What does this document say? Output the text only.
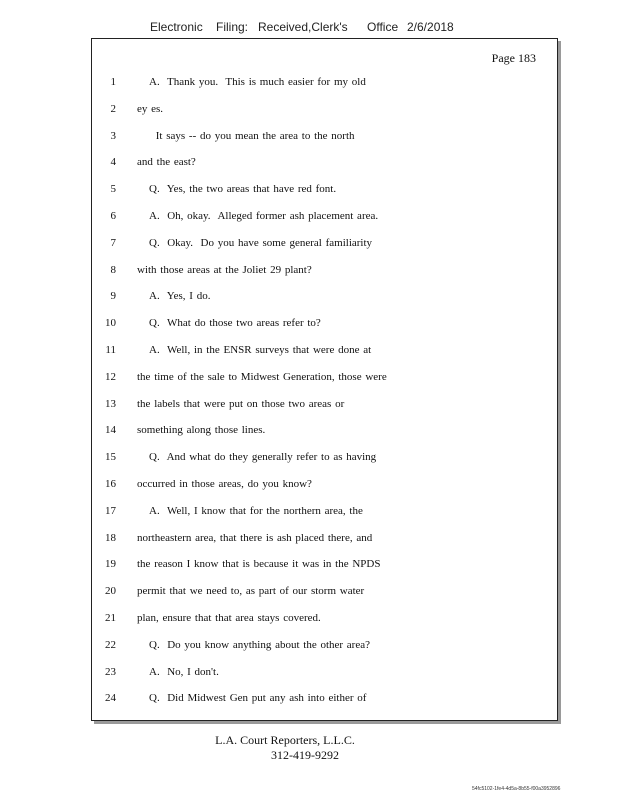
Electronic Filing: Received,Clerk's Office 2/6/2018
Page 183
1	A.  Thank you.  This is much easier for my old
2 ey es.
3 It says -- do you mean the area to the north
4 and the east?
5	Q.  Yes, the two areas that have red font.
6	A.  Oh, okay.  Alleged former ash placement area.
7	Q.  Okay.  Do you have some general familiarity
8 with those areas at the Joliet 29 plant?
9	A.  Yes, I do.
10	Q.  What do those two areas refer to?
11	A.  Well, in the ENSR surveys that were done at
12 the time of the sale to Midwest Generation, those were
13 the labels that were put on those two areas or
14 something along those lines.
15	Q.  And what do they generally refer to as having
16 occurred in those areas, do you know?
17	A.  Well, I know that for the northern area, the
18 northeastern area, that there is ash placed there, and
19 the reason I know that is because it was in the NPDS
20 permit that we need to, as part of our storm water
21 plan, ensure that that area stays covered.
22	Q.  Do you know anything about the other area?
23	A.  No, I don't.
24	Q.  Did Midwest Gen put any ash into either of
L.A. Court Reporters, L.L.C.
312-419-9292
54fc5102-1fe4-4d5a-8b55-f00a3952896
